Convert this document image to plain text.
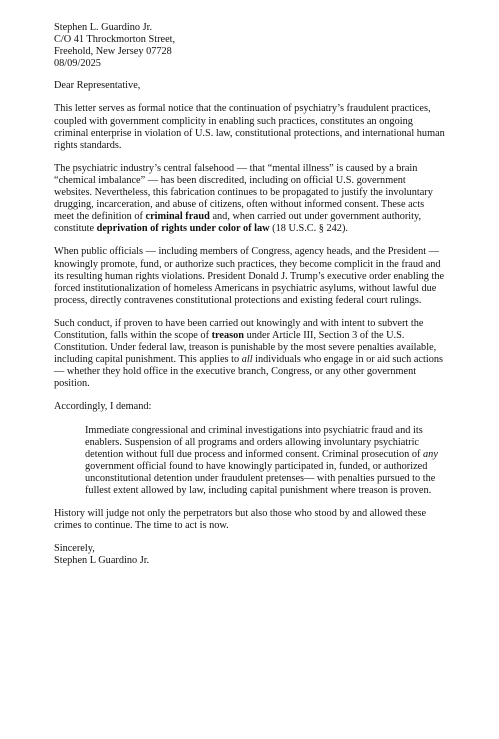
Stephen L. Guardino Jr.
C/O 41 Throckmorton Street,
Freehold, New Jersey 07728
08/09/2025

Dear Representative,

This letter serves as formal notice that the continuation of psychiatry’s fraudulent practices, coupled with government complicity in enabling such practices, constitutes an ongoing criminal enterprise in violation of U.S. law, constitutional protections, and international human rights standards.

The psychiatric industry’s central falsehood — that “mental illness” is caused by a brain “chemical imbalance” — has been discredited, including on official U.S. government websites. Nevertheless, this fabrication continues to be propagated to justify the involuntary drugging, incarceration, and abuse of citizens, often without informed consent. These acts meet the definition of criminal fraud and, when carried out under government authority, constitute deprivation of rights under color of law (18 U.S.C. § 242).

When public officials — including members of Congress, agency heads, and the President — knowingly promote, fund, or authorize such practices, they become complicit in the fraud and its resulting human rights violations. President Donald J. Trump’s executive order enabling the forced institutionalization of homeless Americans in psychiatric asylums, without lawful due process, directly contravenes constitutional protections and existing federal court rulings.

Such conduct, if proven to have been carried out knowingly and with intent to subvert the Constitution, falls within the scope of treason under Article III, Section 3 of the U.S. Constitution. Under federal law, treason is punishable by the most severe penalties available, including capital punishment. This applies to all individuals who engage in or aid such actions — whether they hold office in the executive branch, Congress, or any other government position.

Accordingly, I demand:

Immediate congressional and criminal investigations into psychiatric fraud and its enablers. Suspension of all programs and orders allowing involuntary psychiatric detention without full due process and informed consent. Criminal prosecution of any government official found to have knowingly participated in, funded, or authorized unconstitutional detention under fraudulent pretenses— with penalties pursued to the fullest extent allowed by law, including capital punishment where treason is proven.

History will judge not only the perpetrators but also those who stood by and allowed these crimes to continue. The time to act is now.

Sincerely,
Stephen L Guardino Jr.
